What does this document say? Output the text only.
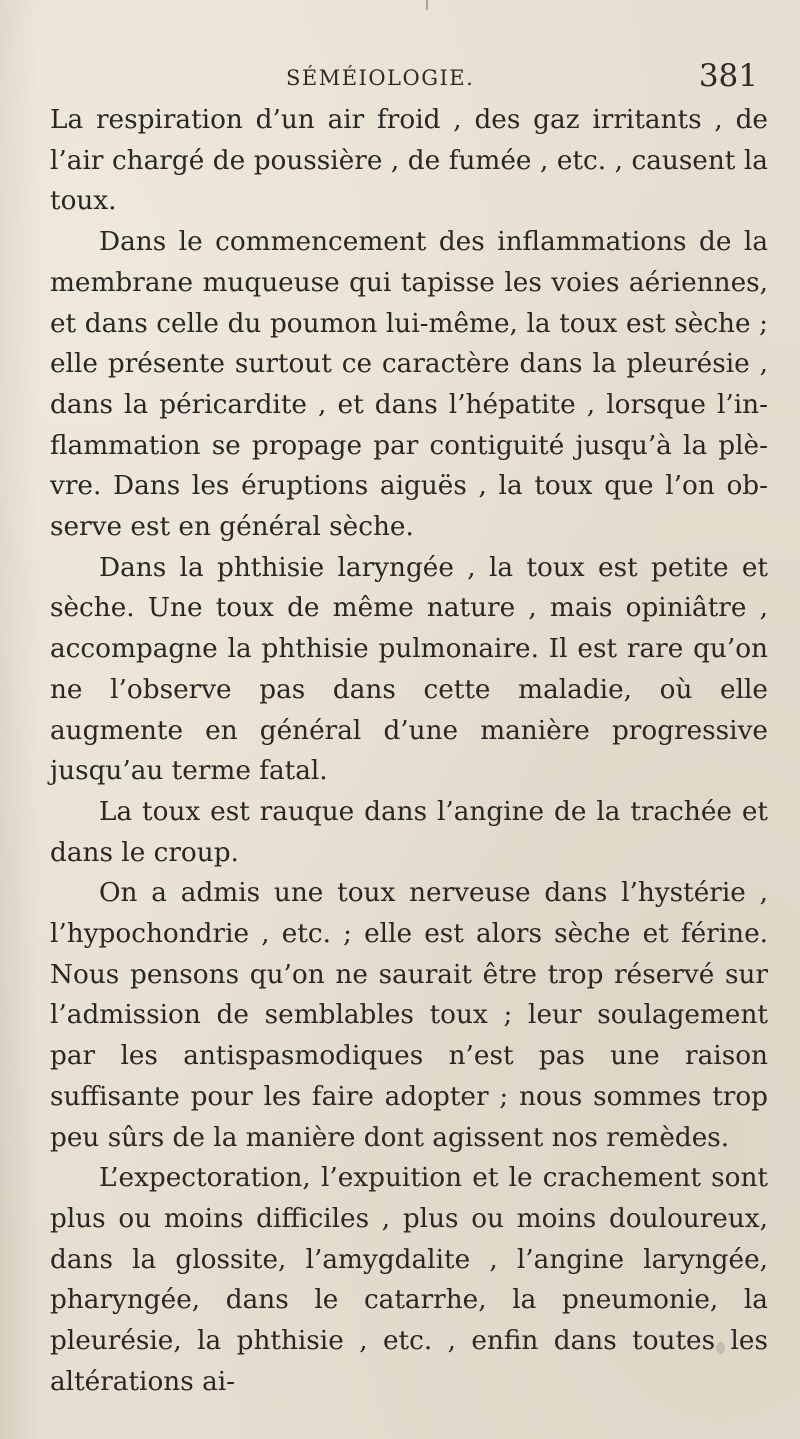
SÉMÉIOLOGIE.	381

La respiration d’un air froid , des gaz irritants , de l’air chargé de poussière , de fumée , etc. , causent la toux.

Dans le commencement des inflammations de la membrane muqueuse qui tapisse les voies aériennes, et dans celle du poumon lui-même, la toux est sèche ; elle présente surtout ce caractère dans la pleurésie , dans la péricardite , et dans l’hépatite , lorsque l’inflammation se propage par contiguité jusqu’à la plèvre. Dans les éruptions aiguës , la toux que l’on observe est en général sèche.

Dans la phthisie laryngée , la toux est petite et sèche. Une toux de même nature , mais opiniâtre , accompagne la phthisie pulmonaire. Il est rare qu’on ne l’observe pas dans cette maladie, où elle augmente en général d’une manière progressive jusqu’au terme fatal.

La toux est rauque dans l’angine de la trachée et dans le croup.

On a admis une toux nerveuse dans l’hystérie , l’hypochondrie , etc. ; elle est alors sèche et férine. Nous pensons qu’on ne saurait être trop réservé sur l’admission de semblables toux ; leur soulagement par les antispasmodiques n’est pas une raison suffisante pour les faire adopter ; nous sommes trop peu sûrs de la manière dont agissent nos remèdes.

L’expectoration, l’expuition et le crachement sont plus ou moins difficiles , plus ou moins douloureux, dans la glossite, l’amygdalite , l’angine laryngée, pharyngée, dans le catarrhe, la pneumonie, la pleurésie, la phthisie , etc. , enfin dans toutes les altérations ai-
